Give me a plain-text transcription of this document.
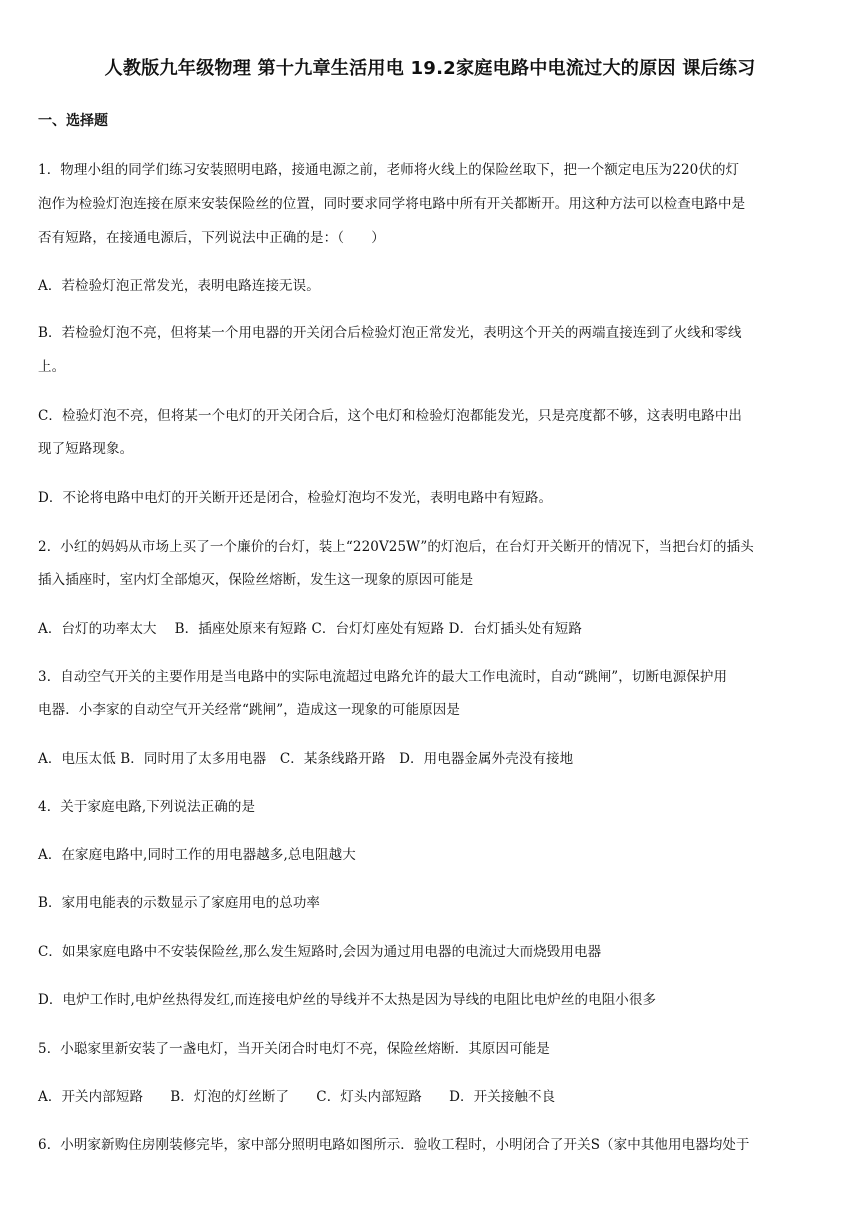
人教版九年级物理 第十九章生活用电 19.2家庭电路中电流过大的原因 课后练习
一、选择题
1．物理小组的同学们练习安装照明电路，接通电源之前，老师将火线上的保险丝取下，把一个额定电压为220伏的灯
泡作为检验灯泡连接在原来安装保险丝的位置，同时要求同学将电路中所有开关都断开。用这种方法可以检查电路中是
否有短路，在接通电源后，下列说法中正确的是：（　　）
A．若检验灯泡正常发光，表明电路连接无误。
B．若检验灯泡不亮，但将某一个用电器的开关闭合后检验灯泡正常发光，表明这个开关的两端直接连到了火线和零线
上。
C．检验灯泡不亮，但将某一个电灯的开关闭合后，这个电灯和检验灯泡都能发光，只是亮度都不够，这表明电路中出
现了短路现象。
D．不论将电路中电灯的开关断开还是闭合，检验灯泡均不发光，表明电路中有短路。
2．小红的妈妈从市场上买了一个廉价的台灯，装上“220V25W”的灯泡后，在台灯开关断开的情况下，当把台灯的插头
插入插座时，室内灯全部熄灭，保险丝熔断，发生这一现象的原因可能是
A．台灯的功率太大　 B．插座处原来有短路 C．台灯灯座处有短路 D．台灯插头处有短路
3．自动空气开关的主要作用是当电路中的实际电流超过电路允许的最大工作电流时，自动“跳闸”，切断电源保护用
电器．小李家的自动空气开关经常“跳闸”，造成这一现象的可能原因是
A．电压太低 B．同时用了太多用电器　C．某条线路开路　D．用电器金属外壳没有接地
4．关于家庭电路,下列说法正确的是
A．在家庭电路中,同时工作的用电器越多,总电阻越大
B．家用电能表的示数显示了家庭用电的总功率
C．如果家庭电路中不安装保险丝,那么发生短路时,会因为通过用电器的电流过大而烧毁用电器
D．电炉工作时,电炉丝热得发红,而连接电炉丝的导线并不太热是因为导线的电阻比电炉丝的电阻小很多
5．小聪家里新安装了一盏电灯，当开关闭合时电灯不亮，保险丝熔断．其原因可能是
A．开关内部短路　　B．灯泡的灯丝断了　　C．灯头内部短路　　D．开关接触不良
6．小明家新购住房刚装修完毕，家中部分照明电路如图所示．验收工程时，小明闭合了开关S（家中其他用电器均处于
